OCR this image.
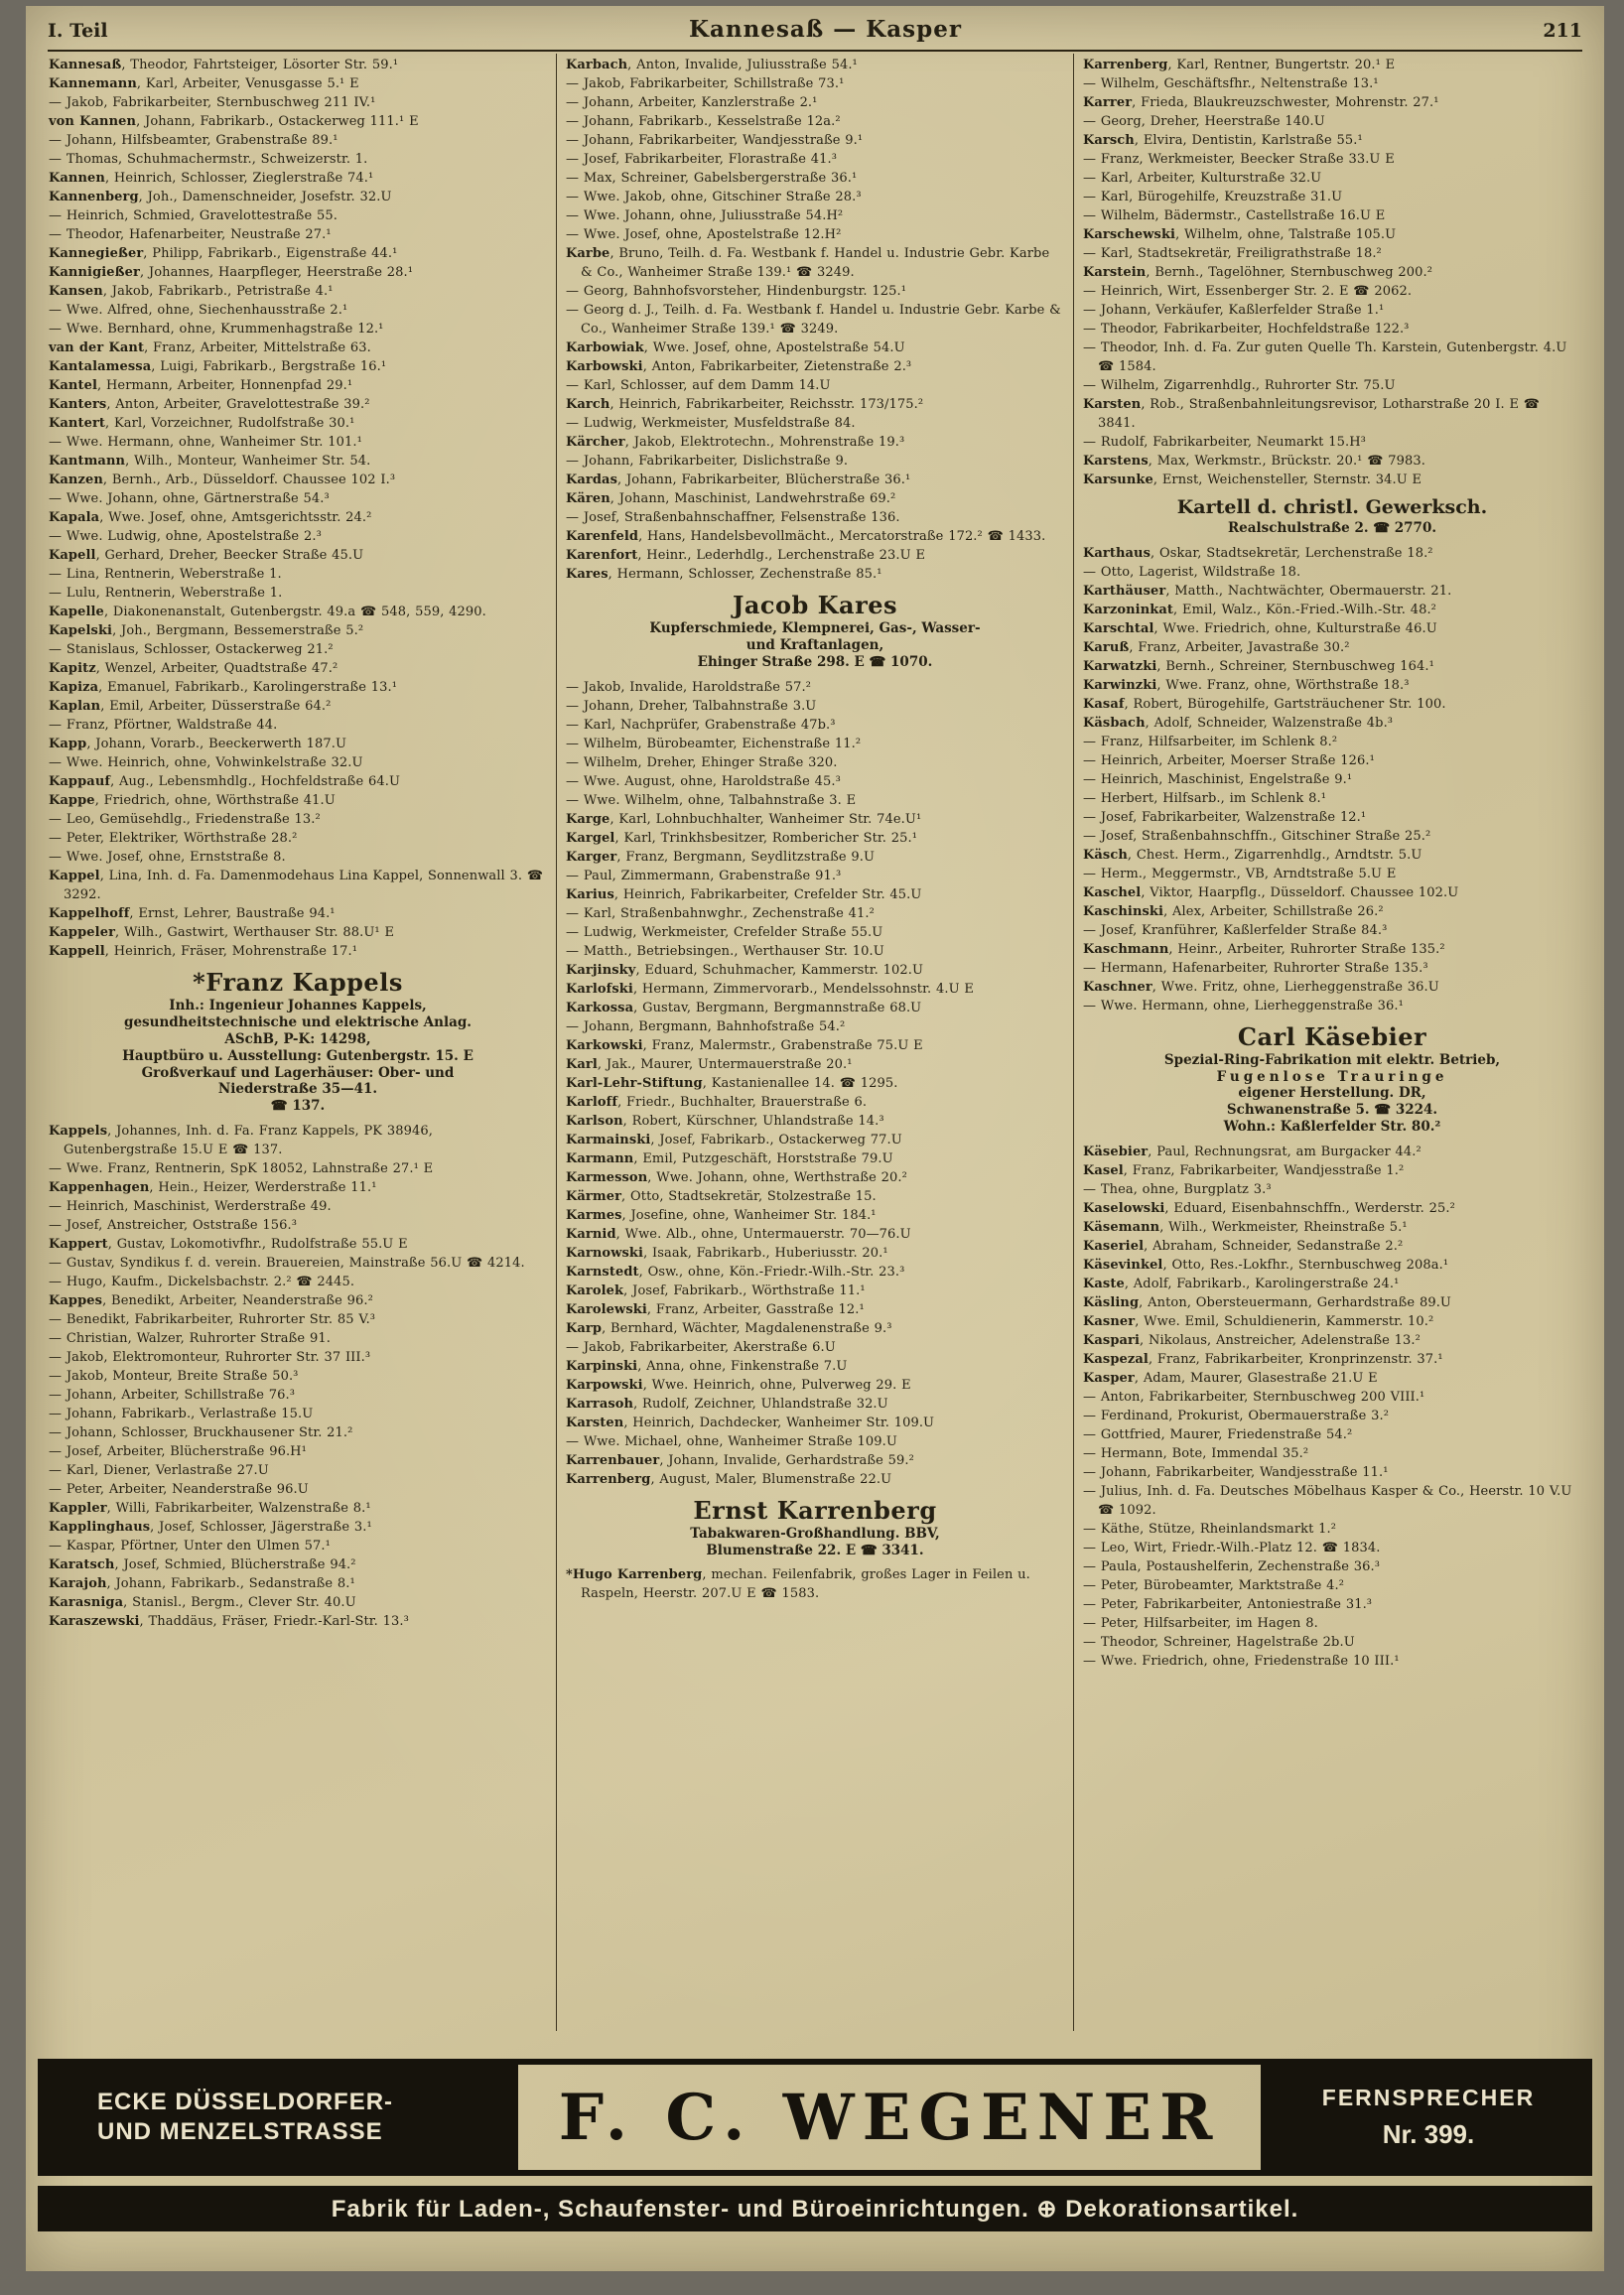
I. Teil	Kannesaß — Kasper	211
Kannesaß, Theodor, Fahrtsteiger, Lösorter Str. 59.¹
Kannemann, Karl, Arbeiter, Venusgasse 5.¹ E
— Jakob, Fabrikarbeiter, Sternbuschweg 211 IV.¹
von Kannen, Johann, Fabrikarb., Ostackerweg 111.¹ E
— Johann, Hilfsbeamter, Grabenstraße 89.¹
— Thomas, Schuhmachermstr., Schweizerstr. 1.
Kannen, Heinrich, Schlosser, Zieglerstraße 74.¹
Kannenberg, Joh., Damenschneider, Josefstr. 32.U
— Heinrich, Schmied, Gravelottestraße 55.
— Theodor, Hafenarbeiter, Neustraße 27.¹
Kannegießer, Philipp, Fabrikarb., Eigenstraße 44.¹
Kannigießer, Johannes, Haarpfleger, Heerstraße 28.¹
Kansen, Jakob, Fabrikarb., Petristraße 4.¹
— Wwe. Alfred, ohne, Siechenhausstraße 2.¹
— Wwe. Bernhard, ohne, Krummenhagstraße 12.¹
van der Kant, Franz, Arbeiter, Mittelstraße 63.
Kantalamessa, Luigi, Fabrikarb., Bergstraße 16.¹
Kantel, Hermann, Arbeiter, Honnenpfad 29.¹
Kanters, Anton, Arbeiter, Gravelottestraße 39.²
Kantert, Karl, Vorzeichner, Rudolfstraße 30.¹
— Wwe. Hermann, ohne, Wanheimer Str. 101.¹
Kantmann, Wilh., Monteur, Wanheimer Str. 54.
Kanzen, Bernh., Arb., Düsseldorf. Chaussee 102 I.³
— Wwe. Johann, ohne, Gärtnerstraße 54.³
Kapala, Wwe. Josef, ohne, Amtsgerichtsstr. 24.²
— Wwe. Ludwig, ohne, Apostelstraße 2.³
Kapell, Gerhard, Dreher, Beecker Straße 45.U
— Lina, Rentnerin, Weberstraße 1.
— Lulu, Rentnerin, Weberstraße 1.
Kapelle, Diakonenanstalt, Gutenbergstr. 49.a ☎ 548, 559, 4290.
Kapelski, Joh., Bergmann, Bessemerstraße 5.²
— Stanislaus, Schlosser, Ostackerweg 21.²
Kapitz, Wenzel, Arbeiter, Quadtstraße 47.²
Kapiza, Emanuel, Fabrikarb., Karolingerstraße 13.¹
Kaplan, Emil, Arbeiter, Düsserstraße 64.²
— Franz, Pförtner, Waldstraße 44.
Kapp, Johann, Vorarb., Beeckerwerth 187.U
— Wwe. Heinrich, ohne, Vohwinkelstraße 32.U
Kappauf, Aug., Lebensmhdlg., Hochfeldstraße 64.U
Kappe, Friedrich, ohne, Wörthstraße 41.U
— Leo, Gemüsehdlg., Friedenstraße 13.²
— Peter, Elektriker, Wörthstraße 28.²
— Wwe. Josef, ohne, Ernststraße 8.
Kappel, Lina, Inh. d. Fa. Damenmodehaus Lina Kappel, Sonnenwall 3. ☎ 3292.
Kappelhoff, Ernst, Lehrer, Baustraße 94.¹
Kappeler, Wilh., Gastwirt, Werthauser Str. 88.U¹ E
Kappell, Heinrich, Fräser, Mohrenstraße 17.¹
*Franz Kappels
Inh.: Ingenieur Johannes Kappels,
gesundheitstechnische und elektrische Anlag.
ASchB, P-K: 14298,
Hauptbüro u. Ausstellung: Gutenbergstr. 15. E
Großverkauf und Lagerhäuser: Ober- und
Niederstraße 35—41.
☎ 137.
Kappels, Johannes, Inh. d. Fa. Franz Kappels, PK 38946, Gutenbergstraße 15.U E ☎ 137.
— Wwe. Franz, Rentnerin, SpK 18052, Lahnstraße 27.¹ E
Kappenhagen, Hein., Heizer, Werderstraße 11.¹
— Heinrich, Maschinist, Werderstraße 49.
— Josef, Anstreicher, Oststraße 156.³
Kappert, Gustav, Lokomotivfhr., Rudolfstraße 55.U E
— Gustav, Syndikus f. d. verein. Brauereien, Mainstraße 56.U ☎ 4214.
— Hugo, Kaufm., Dickelsbachstr. 2.² ☎ 2445.
Kappes, Benedikt, Arbeiter, Neanderstraße 96.²
— Benedikt, Fabrikarbeiter, Ruhrorter Str. 85 V.³
— Christian, Walzer, Ruhrorter Straße 91.
— Jakob, Elektromonteur, Ruhrorter Str. 37 III.³
— Jakob, Monteur, Breite Straße 50.³
— Johann, Arbeiter, Schillstraße 76.³
— Johann, Fabrikarb., Verlastraße 15.U
— Johann, Schlosser, Bruckhausener Str. 21.²
— Josef, Arbeiter, Blücherstraße 96.H¹
— Karl, Diener, Verlastraße 27.U
— Peter, Arbeiter, Neanderstraße 96.U
Kappler, Willi, Fabrikarbeiter, Walzenstraße 8.¹
Kapplinghaus, Josef, Schlosser, Jägerstraße 3.¹
— Kaspar, Pförtner, Unter den Ulmen 57.¹
Karatsch, Josef, Schmied, Blücherstraße 94.²
Karajoh, Johann, Fabrikarb., Sedanstraße 8.¹
Karasniga, Stanisl., Bergm., Clever Str. 40.U
Karaszewski, Thaddäus, Fräser, Friedr.-Karl-Str. 13.³
Karbach, Anton, Invalide, Juliusstraße 54.¹
— Jakob, Fabrikarbeiter, Schillstraße 73.¹
— Johann, Arbeiter, Kanzlerstraße 2.¹
— Johann, Fabrikarb., Kesselstraße 12a.²
— Johann, Fabrikarbeiter, Wandjesstraße 9.¹
— Josef, Fabrikarbeiter, Florastraße 41.³
— Max, Schreiner, Gabelsbergerstraße 36.¹
— Wwe. Jakob, ohne, Gitschiner Straße 28.³
— Wwe. Johann, ohne, Juliusstraße 54.H²
— Wwe. Josef, ohne, Apostelstraße 12.H²
Karbe, Bruno, Teilh. d. Fa. Westbank f. Handel u. Industrie Gebr. Karbe & Co., Wanheimer Straße 139.¹ ☎ 3249.
— Georg, Bahnhofsvorsteher, Hindenburgstr. 125.¹
— Georg d. J., Teilh. d. Fa. Westbank f. Handel u. Industrie Gebr. Karbe & Co., Wanheimer Straße 139.¹ ☎ 3249.
Karbowiak, Wwe. Josef, ohne, Apostelstraße 54.U
Karbowski, Anton, Fabrikarbeiter, Zietenstraße 2.³
— Karl, Schlosser, auf dem Damm 14.U
Karch, Heinrich, Fabrikarbeiter, Reichsstr. 173/175.²
— Ludwig, Werkmeister, Musfeldstraße 84.
Kärcher, Jakob, Elektrotechn., Mohrenstraße 19.³
— Johann, Fabrikarbeiter, Dislichstraße 9.
Kardas, Johann, Fabrikarbeiter, Blücherstraße 36.¹
Kären, Johann, Maschinist, Landwehrstraße 69.²
— Josef, Straßenbahnschaffner, Felsenstraße 136.
Karenfeld, Hans, Handelsbevollmächt., Mercatorstraße 172.² ☎ 1433.
Karenfort, Heinr., Lederhdlg., Lerchenstraße 23.U E
Kares, Hermann, Schlosser, Zechenstraße 85.¹
Jacob Kares
Kupferschmiede, Klempnerei, Gas-, Wasser-
und Kraftanlagen,
Ehinger Straße 298. E ☎ 1070.
— Jakob, Invalide, Haroldstraße 57.²
— Johann, Dreher, Talbahnstraße 3.U
— Karl, Nachprüfer, Grabenstraße 47b.³
— Wilhelm, Bürobeamter, Eichenstraße 11.²
— Wilhelm, Dreher, Ehinger Straße 320.
— Wwe. August, ohne, Haroldstraße 45.³
— Wwe. Wilhelm, ohne, Talbahnstraße 3. E
Karge, Karl, Lohnbuchhalter, Wanheimer Str. 74e.U¹
Kargel, Karl, Trinkhsbesitzer, Rombericher Str. 25.¹
Karger, Franz, Bergmann, Seydlitzstraße 9.U
— Paul, Zimmermann, Grabenstraße 91.³
Karius, Heinrich, Fabrikarbeiter, Crefelder Str. 45.U
— Karl, Straßenbahnwghr., Zechenstraße 41.²
— Ludwig, Werkmeister, Crefelder Straße 55.U
— Matth., Betriebsingen., Werthauser Str. 10.U
Karjinsky, Eduard, Schuhmacher, Kammerstr. 102.U
Karlofski, Hermann, Zimmervorarb., Mendelssohnstr. 4.U E
Karkossa, Gustav, Bergmann, Bergmannstraße 68.U
— Johann, Bergmann, Bahnhofstraße 54.²
Karkowski, Franz, Malermstr., Grabenstraße 75.U E
Karl, Jak., Maurer, Untermauerstraße 20.¹
Karl-Lehr-Stiftung, Kastanienallee 14. ☎ 1295.
Karloff, Friedr., Buchhalter, Brauerstraße 6.
Karlson, Robert, Kürschner, Uhlandstraße 14.³
Karmainski, Josef, Fabrikarb., Ostackerweg 77.U
Karmann, Emil, Putzgeschäft, Horststraße 79.U
Karmesson, Wwe. Johann, ohne, Werthstraße 20.²
Kärmer, Otto, Stadtsekretär, Stolzestraße 15.
Karmes, Josefine, ohne, Wanheimer Str. 184.¹
Karnid, Wwe. Alb., ohne, Untermauerstr. 70—76.U
Karnowski, Isaak, Fabrikarb., Huberiusstr. 20.¹
Karnstedt, Osw., ohne, Kön.-Friedr.-Wilh.-Str. 23.³
Karolek, Josef, Fabrikarb., Wörthstraße 11.¹
Karolewski, Franz, Arbeiter, Gasstraße 12.¹
Karp, Bernhard, Wächter, Magdalenenstraße 9.³
— Jakob, Fabrikarbeiter, Akerstraße 6.U
Karpinski, Anna, ohne, Finkenstraße 7.U
Karpowski, Wwe. Heinrich, ohne, Pulverweg 29. E
Karrasoh, Rudolf, Zeichner, Uhlandstraße 32.U
Karsten, Heinrich, Dachdecker, Wanheimer Str. 109.U
— Wwe. Michael, ohne, Wanheimer Straße 109.U
Karrenbauer, Johann, Invalide, Gerhardstraße 59.²
Karrenberg, August, Maler, Blumenstraße 22.U
Ernst Karrenberg
Tabakwaren-Großhandlung. BBV,
Blumenstraße 22. E ☎ 3341.
*Hugo Karrenberg, mechan. Feilenfabrik, großes Lager in Feilen u. Raspeln, Heerstr. 207.U E ☎ 1583.
Karrenberg, Karl, Rentner, Bungertstr. 20.¹ E
— Wilhelm, Geschäftsfhr., Neltenstraße 13.¹
Karrer, Frieda, Blaukreuzschwester, Mohrenstr. 27.¹
— Georg, Dreher, Heerstraße 140.U
Karsch, Elvira, Dentistin, Karlstraße 55.¹
— Franz, Werkmeister, Beecker Straße 33.U E
— Karl, Arbeiter, Kulturstraße 32.U
— Karl, Bürogehilfe, Kreuzstraße 31.U
— Wilhelm, Bädermstr., Castellstraße 16.U E
Karschewski, Wilhelm, ohne, Talstraße 105.U
— Karl, Stadtsekretär, Freiligrathstraße 18.²
Karstein, Bernh., Tagelöhner, Sternbuschweg 200.²
— Heinrich, Wirt, Essenberger Str. 2. E ☎ 2062.
— Johann, Verkäufer, Kaßlerfelder Straße 1.¹
— Theodor, Fabrikarbeiter, Hochfeldstraße 122.³
— Theodor, Inh. d. Fa. Zur guten Quelle Th. Karstein, Gutenbergstr. 4.U ☎ 1584.
— Wilhelm, Zigarrenhdlg., Ruhrorter Str. 75.U
Karsten, Rob., Straßenbahnleitungsrevisor, Lotharstraße 20 I. E ☎ 3841.
— Rudolf, Fabrikarbeiter, Neumarkt 15.H³
Karstens, Max, Werkmstr., Brückstr. 20.¹ ☎ 7983.
Karsunke, Ernst, Weichensteller, Sternstr. 34.U E
Kartell d. christl. Gewerksch.
Realschulstraße 2. ☎ 2770.
Karthaus, Oskar, Stadtsekretär, Lerchenstraße 18.²
— Otto, Lagerist, Wildstraße 18.
Karthäuser, Matth., Nachtwächter, Obermauerstr. 21.
Karzoninkat, Emil, Walz., Kön.-Fried.-Wilh.-Str. 48.²
Karschtal, Wwe. Friedrich, ohne, Kulturstraße 46.U
Karuß, Franz, Arbeiter, Javastraße 30.²
Karwatzki, Bernh., Schreiner, Sternbuschweg 164.¹
Karwinzki, Wwe. Franz, ohne, Wörthstraße 18.³
Kasaf, Robert, Bürogehilfe, Gartsträuchener Str. 100.
Käsbach, Adolf, Schneider, Walzenstraße 4b.³
— Franz, Hilfsarbeiter, im Schlenk 8.²
— Heinrich, Arbeiter, Moerser Straße 126.¹
— Heinrich, Maschinist, Engelstraße 9.¹
— Herbert, Hilfsarb., im Schlenk 8.¹
— Josef, Fabrikarbeiter, Walzenstraße 12.¹
— Josef, Straßenbahnschffn., Gitschiner Straße 25.²
Käsch, Chest. Herm., Zigarrenhdlg., Arndtstr. 5.U
— Herm., Meggermstr., VB, Arndtstraße 5.U E
Kaschel, Viktor, Haarpflg., Düsseldorf. Chaussee 102.U
Kaschinski, Alex, Arbeiter, Schillstraße 26.²
— Josef, Kranführer, Kaßlerfelder Straße 84.³
Kaschmann, Heinr., Arbeiter, Ruhrorter Straße 135.²
— Hermann, Hafenarbeiter, Ruhrorter Straße 135.³
Kaschner, Wwe. Fritz, ohne, Lierheggenstraße 36.U
— Wwe. Hermann, ohne, Lierheggenstraße 36.¹
Carl Käsebier
Spezial-Ring-Fabrikation mit elektr. Betrieb,
Fugenlose Trauringe
eigener Herstellung. DR,
Schwanenstraße 5. ☎ 3224.
Wohn.: Kaßlerfelder Str. 80.²
Käsebier, Paul, Rechnungsrat, am Burgacker 44.²
Kasel, Franz, Fabrikarbeiter, Wandjesstraße 1.²
— Thea, ohne, Burgplatz 3.³
Kaselowski, Eduard, Eisenbahnschffn., Werderstr. 25.²
Käsemann, Wilh., Werkmeister, Rheinstraße 5.¹
Kaseriel, Abraham, Schneider, Sedanstraße 2.²
Käsevinkel, Otto, Res.-Lokfhr., Sternbuschweg 208a.¹
Kaste, Adolf, Fabrikarb., Karolingerstraße 24.¹
Käsling, Anton, Obersteuermann, Gerhardstraße 89.U
Kasner, Wwe. Emil, Schuldienerin, Kammerstr. 10.²
Kaspari, Nikolaus, Anstreicher, Adelenstraße 13.²
Kaspezal, Franz, Fabrikarbeiter, Kronprinzenstr. 37.¹
Kasper, Adam, Maurer, Glasestraße 21.U E
— Anton, Fabrikarbeiter, Sternbuschweg 200 VIII.¹
— Ferdinand, Prokurist, Obermauerstraße 3.²
— Gottfried, Maurer, Friedenstraße 54.²
— Hermann, Bote, Immendal 35.²
— Johann, Fabrikarbeiter, Wandjesstraße 11.¹
— Julius, Inh. d. Fa. Deutsches Möbelhaus Kasper & Co., Heerstr. 10 V.U ☎ 1092.
— Käthe, Stütze, Rheinlandsmarkt 1.²
— Leo, Wirt, Friedr.-Wilh.-Platz 12. ☎ 1834.
— Paula, Postaushelferin, Zechenstraße 36.³
— Peter, Bürobeamter, Marktstraße 4.²
— Peter, Fabrikarbeiter, Antoniestraße 31.³
— Peter, Hilfsarbeiter, im Hagen 8.
— Theodor, Schreiner, Hagelstraße 2b.U
— Wwe. Friedrich, ohne, Friedenstraße 10 III.¹
ECKE DÜSSELDORFER-
UND MENZELSTRASSE	F. C. WEGENER	FERNSPRECHER
Nr. 399.
Fabrik für Laden-, Schaufenster- und Büroeinrichtungen. ⊕ Dekorationsartikel.
